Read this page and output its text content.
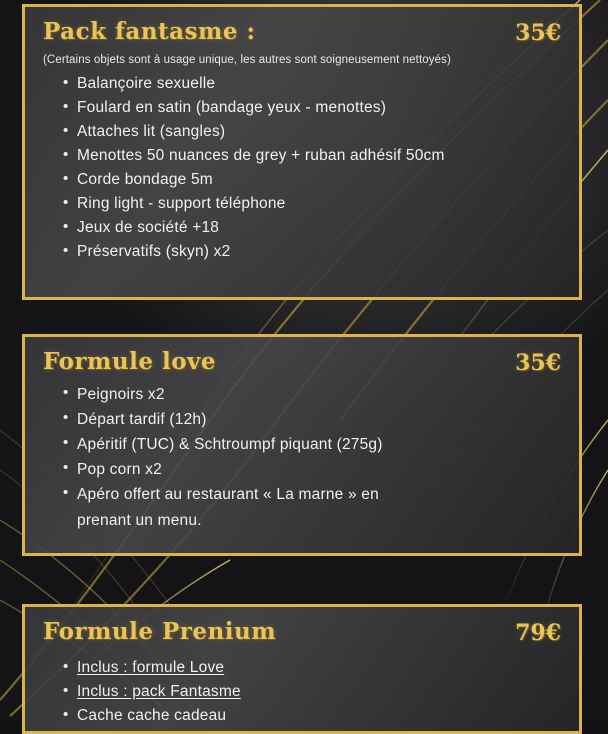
Pack fantasme :	35€

(Certains objets sont à usage unique, les autres sont soigneusement nettoyés)

• Balançoire sexuelle
• Foulard en satin (bandage yeux - menottes)
• Attaches lit (sangles)
• Menottes 50 nuances de grey + ruban adhésif 50cm
• Corde bondage 5m
• Ring light - support téléphone
• Jeux de société +18
• Préservatifs (skyn) x2
Formule love	35€
• Peignoirs x2
• Départ tardif (12h)
• Apéritif (TUC) & Schtroumpf piquant (275g)
• Pop corn x2
• Apéro offert au restaurant « La marne » en
prenant un menu.
Formule Prenium	79€
• Inclus : formule Love
• Inclus : pack Fantasme
• Cache cache cadeau
